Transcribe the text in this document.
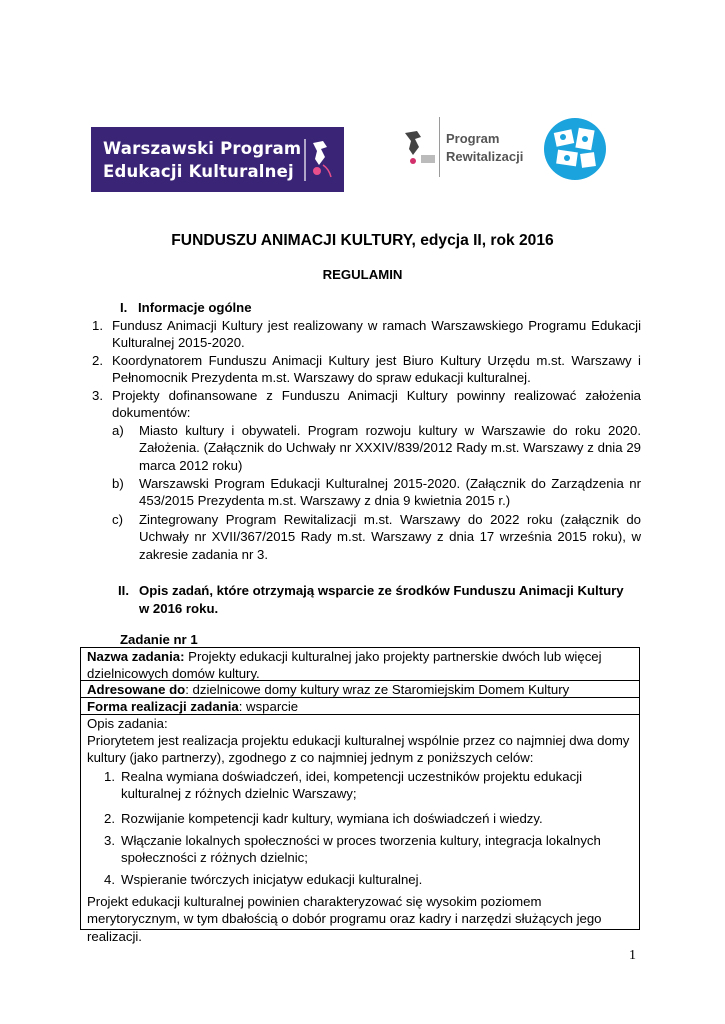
Warszawski Program
Edukacji Kulturalnej
Program
Rewitalizacji
FUNDUSZU ANIMACJI KULTURY, edycja II, rok 2016
REGULAMIN
I. Informacje ogólne
1. Fundusz Animacji Kultury jest realizowany w ramach Warszawskiego Programu Edukacji Kulturalnej 2015-2020.
2. Koordynatorem Funduszu Animacji Kultury jest Biuro Kultury Urzędu m.st. Warszawy i Pełnomocnik Prezydenta m.st. Warszawy do spraw edukacji kulturalnej.
3. Projekty dofinansowane z Funduszu Animacji Kultury powinny realizować założenia dokumentów:
a) Miasto kultury i obywateli. Program rozwoju kultury w Warszawie do roku 2020. Założenia. (Załącznik do Uchwały nr XXXIV/839/2012 Rady m.st. Warszawy z dnia 29 marca 2012 roku)
b) Warszawski Program Edukacji Kulturalnej 2015-2020. (Załącznik do Zarządzenia nr 453/2015 Prezydenta m.st. Warszawy z dnia 9 kwietnia 2015 r.)
c) Zintegrowany Program Rewitalizacji m.st. Warszawy do 2022 roku (załącznik do Uchwały nr XVII/367/2015 Rady m.st. Warszawy z dnia 17 września 2015 roku), w zakresie zadania nr 3.
II. Opis zadań, które otrzymają wsparcie ze środków Funduszu Animacji Kultury
w 2016 roku.
Zadanie nr 1
Nazwa zadania: Projekty edukacji kulturalnej jako projekty partnerskie dwóch lub więcej dzielnicowych domów kultury.
Adresowane do: dzielnicowe domy kultury wraz ze Staromiejskim Domem Kultury
Forma realizacji zadania: wsparcie
Opis zadania:
Priorytetem jest realizacja projektu edukacji kulturalnej wspólnie przez co najmniej dwa domy kultury (jako partnerzy), zgodnego z co najmniej jednym z poniższych celów:
1. Realna wymiana doświadczeń, idei, kompetencji uczestników projektu edukacji kulturalnej z różnych dzielnic Warszawy;
2. Rozwijanie kompetencji kadr kultury, wymiana ich doświadczeń i wiedzy.
3. Włączanie lokalnych społeczności w proces tworzenia kultury, integracja lokalnych społeczności z różnych dzielnic;
4. Wspieranie twórczych inicjatyw edukacji kulturalnej.
Projekt edukacji kulturalnej powinien charakteryzować się wysokim poziomem merytorycznym, w tym dbałością o dobór programu oraz kadry i narzędzi służących jego realizacji.
1
